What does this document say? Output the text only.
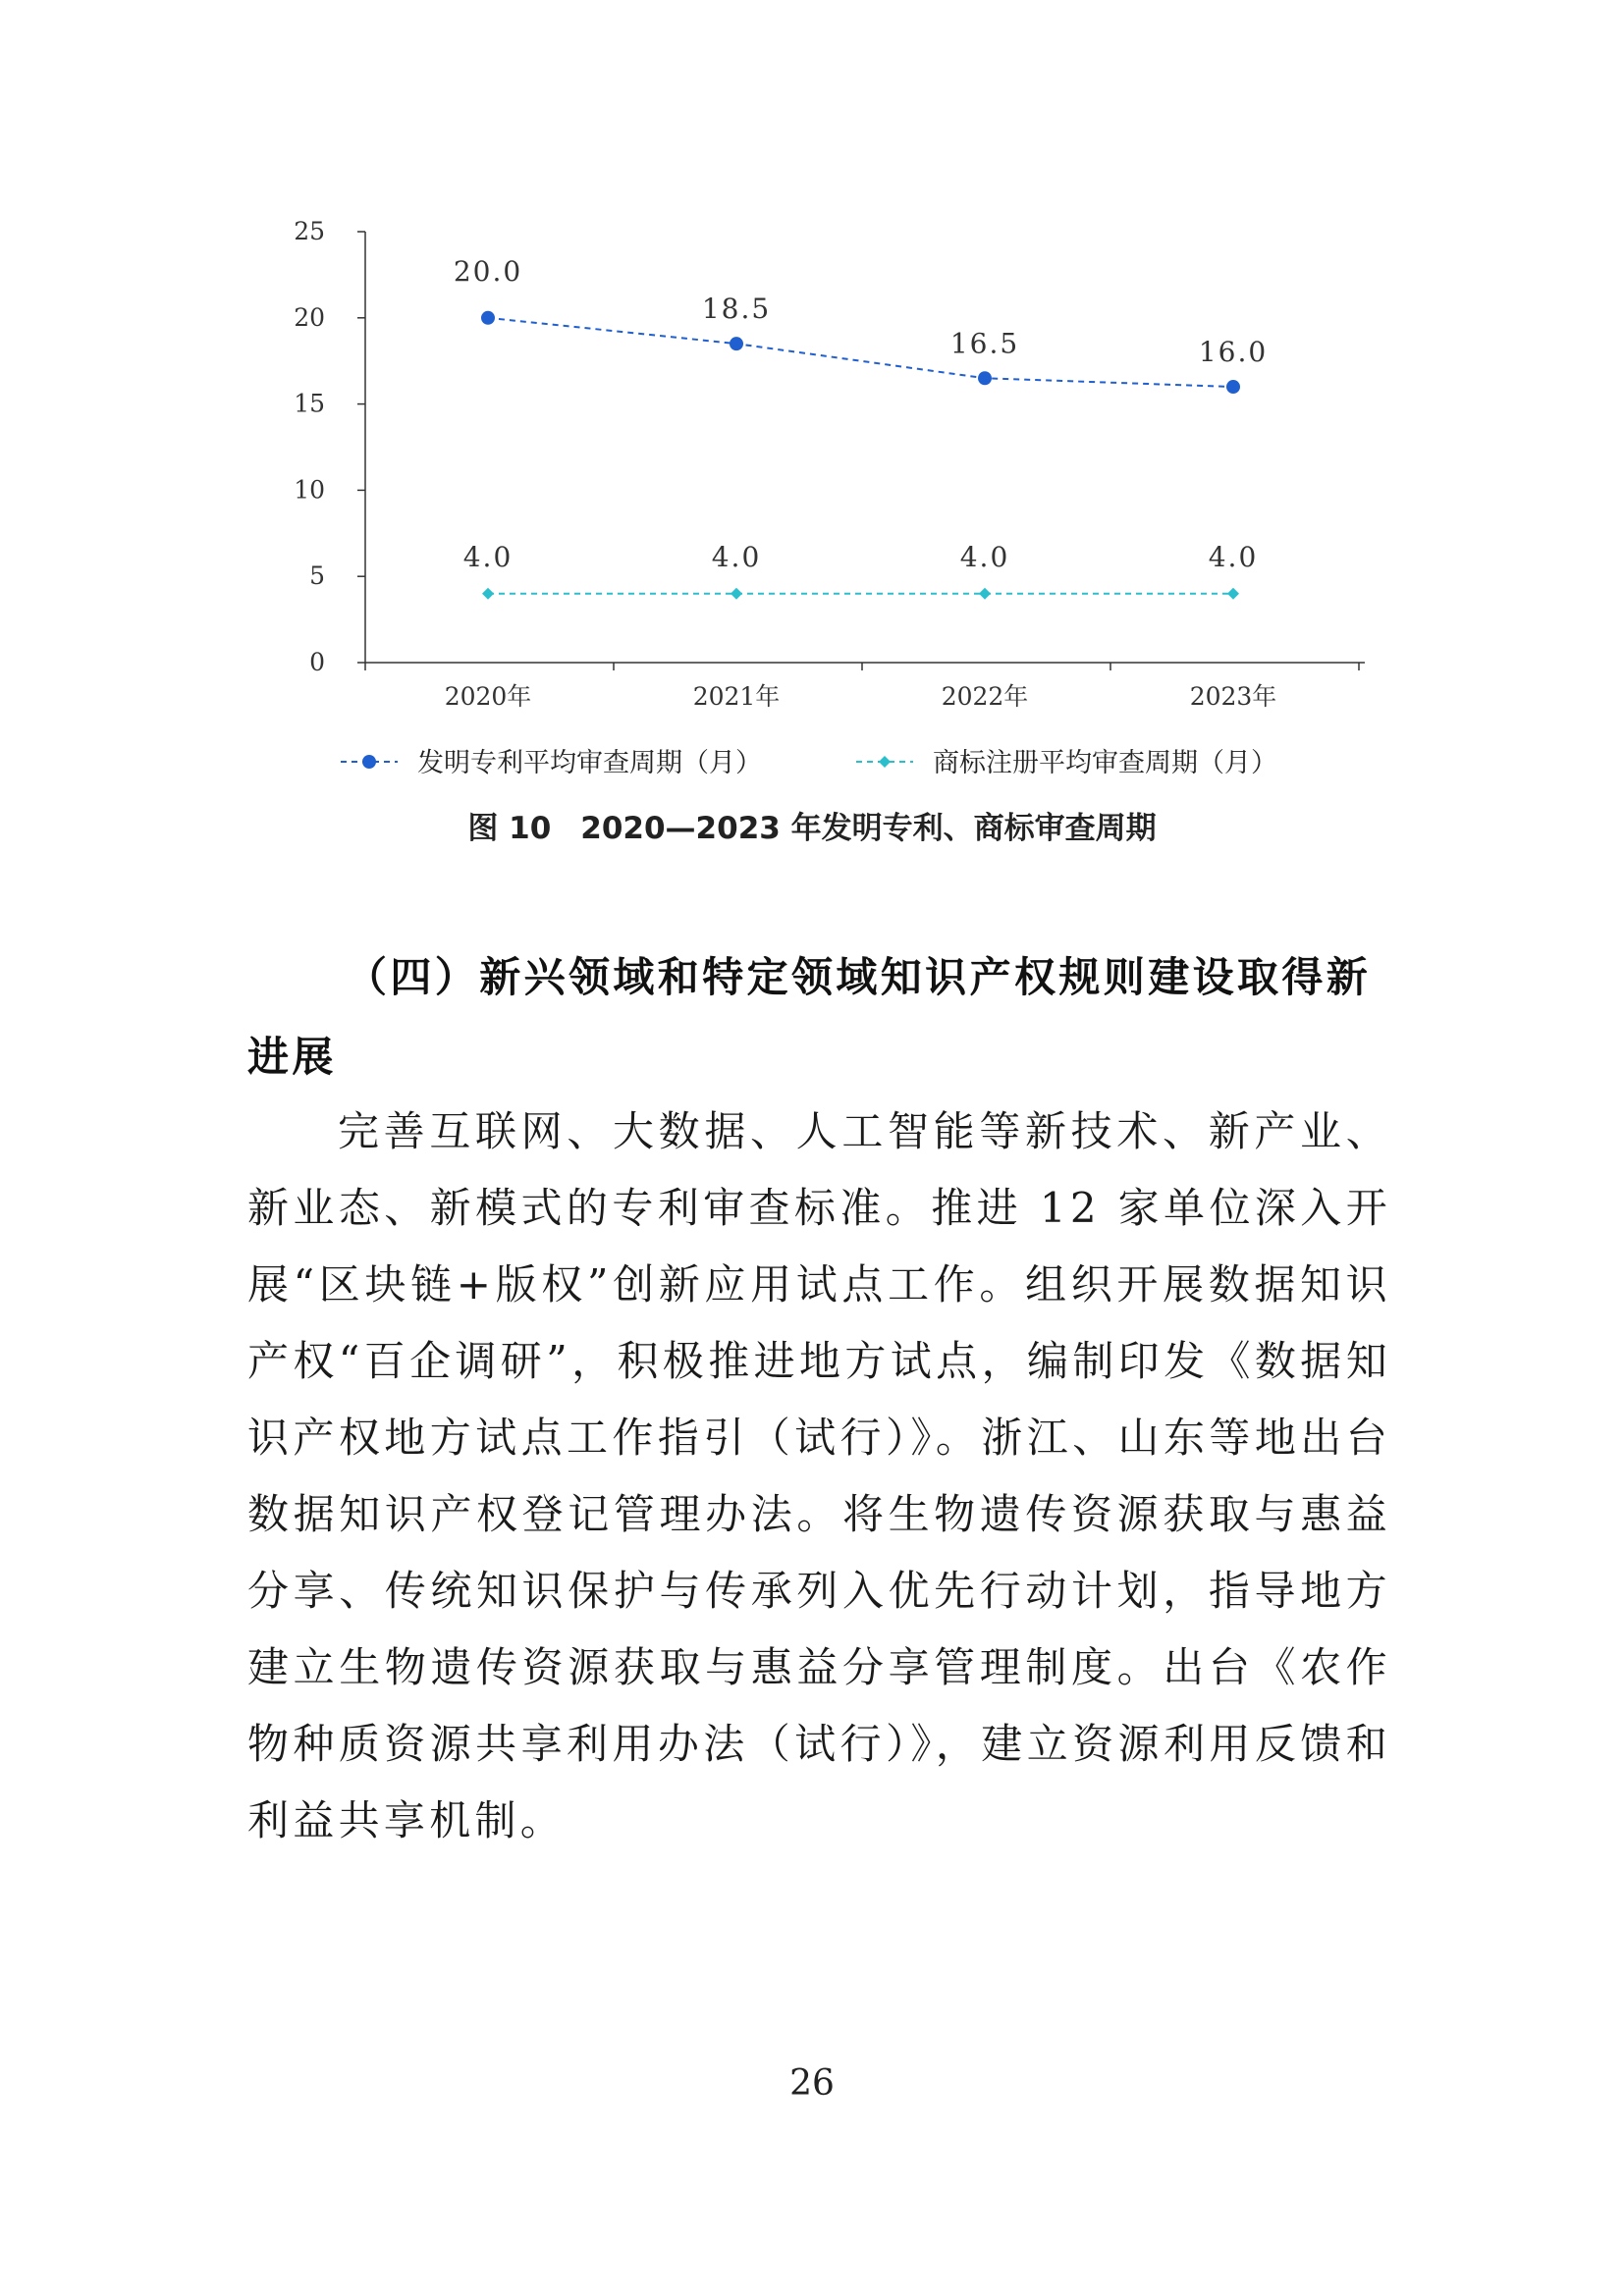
0
5
10
15
20
25
2020年	2021年	2022年	2023年
20.0
18.5
16.5	16.0
4.0	4.0	4.0	4.0
发明专利平均审查周期（月）	商标注册平均审查周期（月）
图 10 2020—2023 年发明专利、商标审查周期
（四）新兴领域和特定领域知识产权规则建设取得新进展
完善互联网、大数据、人工智能等新技术、新产业、新业态、新模式的专利审查标准。推进 12 家单位深入开展“区块链+版权”创新应用试点工作。组织开展数据知识产权“百企调研”，积极推进地方试点，编制印发《数据知识产权地方试点工作指引（试行）》。浙江、山东等地出台数据知识产权登记管理办法。将生物遗传资源获取与惠益分享、传统知识保护与传承列入优先行动计划，指导地方建立生物遗传资源获取与惠益分享管理制度。出台《农作物种质资源共享利用办法（试行）》，建立资源利用反馈和利益共享机制。
26
